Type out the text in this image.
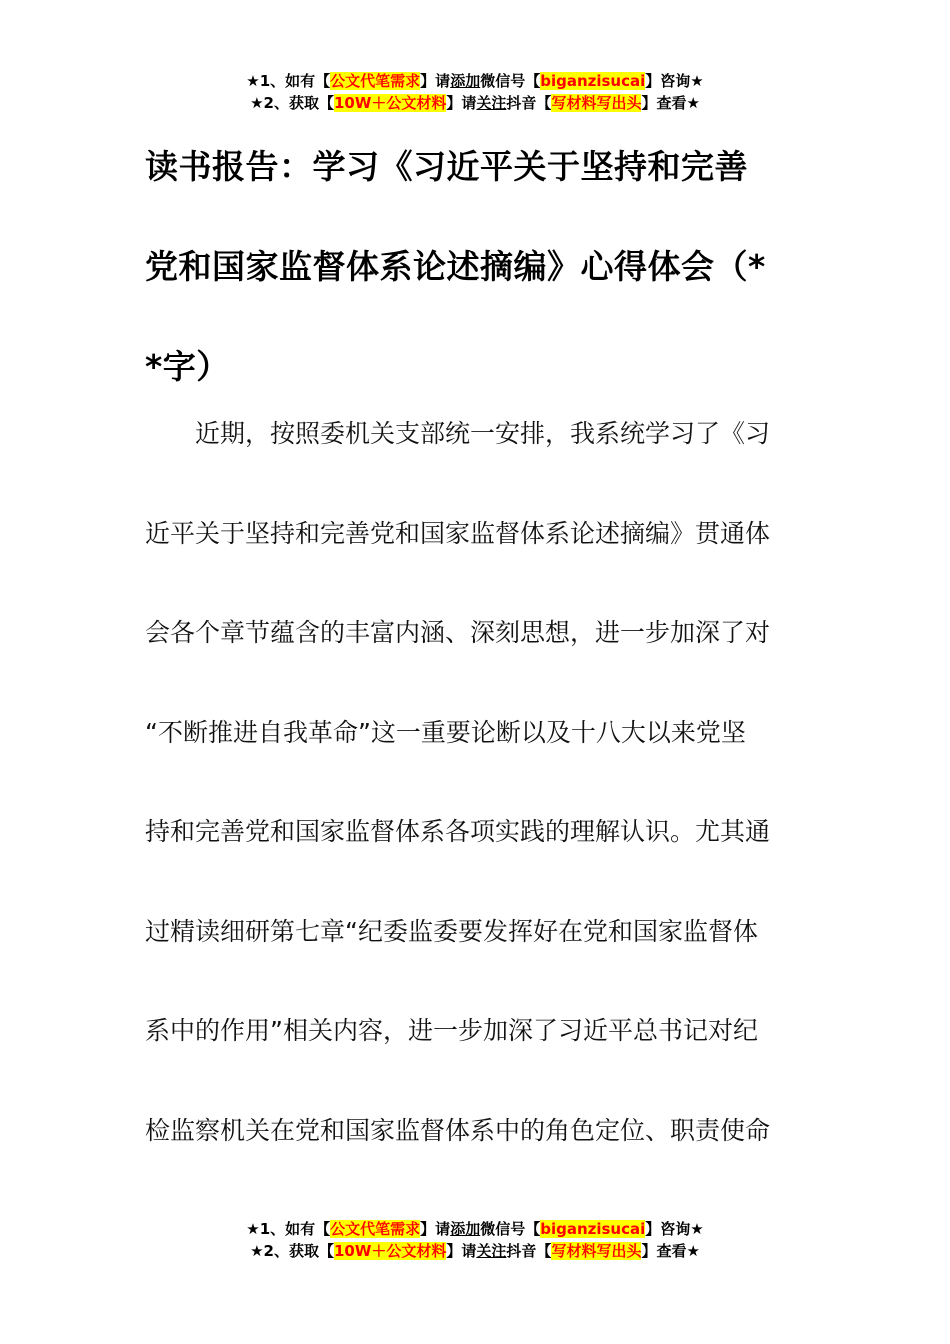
★1、如有【公文代笔需求】请添加微信号【biganzisucai】咨询★
★2、获取【10W＋公文材料】请关注抖音【写材料写出头】查看★
读书报告：学习《习近平关于坚持和完善
党和国家监督体系论述摘编》心得体会（*
*字）
　　近期，按照委机关支部统一安排，我系统学习了《习
近平关于坚持和完善党和国家监督体系论述摘编》贯通体
会各个章节蕴含的丰富内涵、深刻思想，进一步加深了对
“不断推进自我革命”这一重要论断以及十八大以来党坚
持和完善党和国家监督体系各项实践的理解认识。尤其通
过精读细研第七章“纪委监委要发挥好在党和国家监督体
系中的作用”相关内容，进一步加深了习近平总书记对纪
检监察机关在党和国家监督体系中的角色定位、职责使命
★1、如有【公文代笔需求】请添加微信号【biganzisucai】咨询★
★2、获取【10W＋公文材料】请关注抖音【写材料写出头】查看★
